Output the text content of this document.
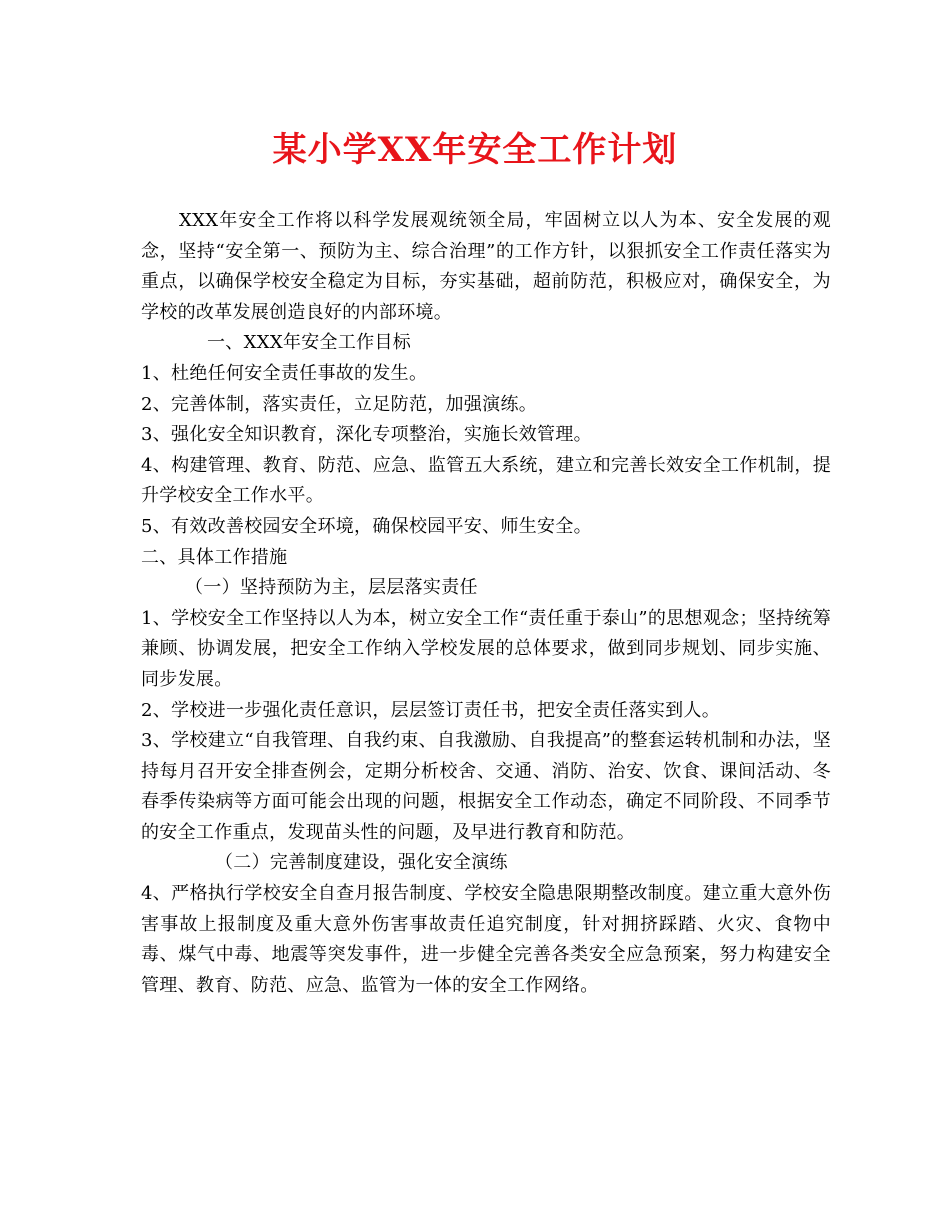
某小学XX年安全工作计划

XXX年安全工作将以科学发展观统领全局，牢固树立以人为本、安全发展的观念，坚持“安全第一、预防为主、综合治理”的工作方针，以狠抓安全工作责任落实为重点，以确保学校安全稳定为目标，夯实基础，超前防范，积极应对，确保安全，为学校的改革发展创造良好的内部环境。

一、XXX年安全工作目标

1、杜绝任何安全责任事故的发生。

2、完善体制，落实责任，立足防范，加强演练。

3、强化安全知识教育，深化专项整治，实施长效管理。

4、构建管理、教育、防范、应急、监管五大系统，建立和完善长效安全工作机制，提升学校安全工作水平。

5、有效改善校园安全环境，确保校园平安、师生安全。

二、具体工作措施

（一）坚持预防为主，层层落实责任

1、学校安全工作坚持以人为本，树立安全工作“责任重于泰山”的思想观念；坚持统筹兼顾、协调发展，把安全工作纳入学校发展的总体要求，做到同步规划、同步实施、同步发展。

2、学校进一步强化责任意识，层层签订责任书，把安全责任落实到人。

3、学校建立“自我管理、自我约束、自我激励、自我提高”的整套运转机制和办法，坚持每月召开安全排查例会，定期分析校舍、交通、消防、治安、饮食、课间活动、冬春季传染病等方面可能会出现的问题，根据安全工作动态，确定不同阶段、不同季节的安全工作重点，发现苗头性的问题，及早进行教育和防范。

（二）完善制度建设，强化安全演练

4、严格执行学校安全自查月报告制度、学校安全隐患限期整改制度。建立重大意外伤害事故上报制度及重大意外伤害事故责任追究制度，针对拥挤踩踏、火灾、食物中毒、煤气中毒、地震等突发事件，进一步健全完善各类安全应急预案，努力构建安全管理、教育、防范、应急、监管为一体的安全工作网络。
